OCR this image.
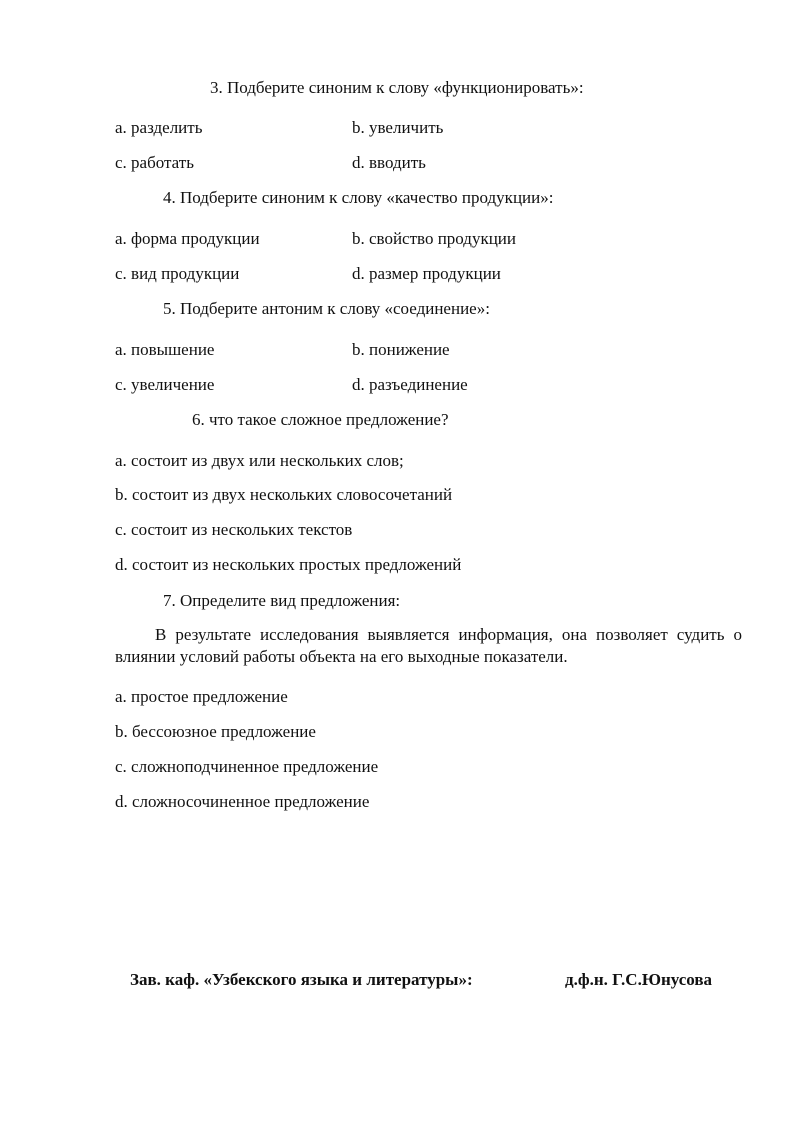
3. Подберите синоним к слову «функционировать»:
a. разделить	b. увеличить
c. работать	d. вводить
4. Подберите синоним к слову «качество продукции»:
a. форма продукции	b. свойство продукции
c. вид продукции	d. размер продукции
5. Подберите антоним к слову «соединение»:
a. повышение	b. понижение
c. увеличение	d. разъединение
6. что такое сложное предложение?
a. состоит из двух или нескольких слов;
b. состоит из двух нескольких словосочетаний
c. состоит из нескольких текстов
d. состоит из нескольких простых предложений
7. Определите вид предложения:
В результате исследования выявляется информация, она позволяет судить о влиянии условий работы объекта на его выходные показатели.
a. простое предложение
b. бессоюзное предложение
c. сложноподчиненное предложение
d. сложносочиненное предложение
Зав. каф. «Узбекского языка и литературы»:	д.ф.н. Г.С.Юнусова
